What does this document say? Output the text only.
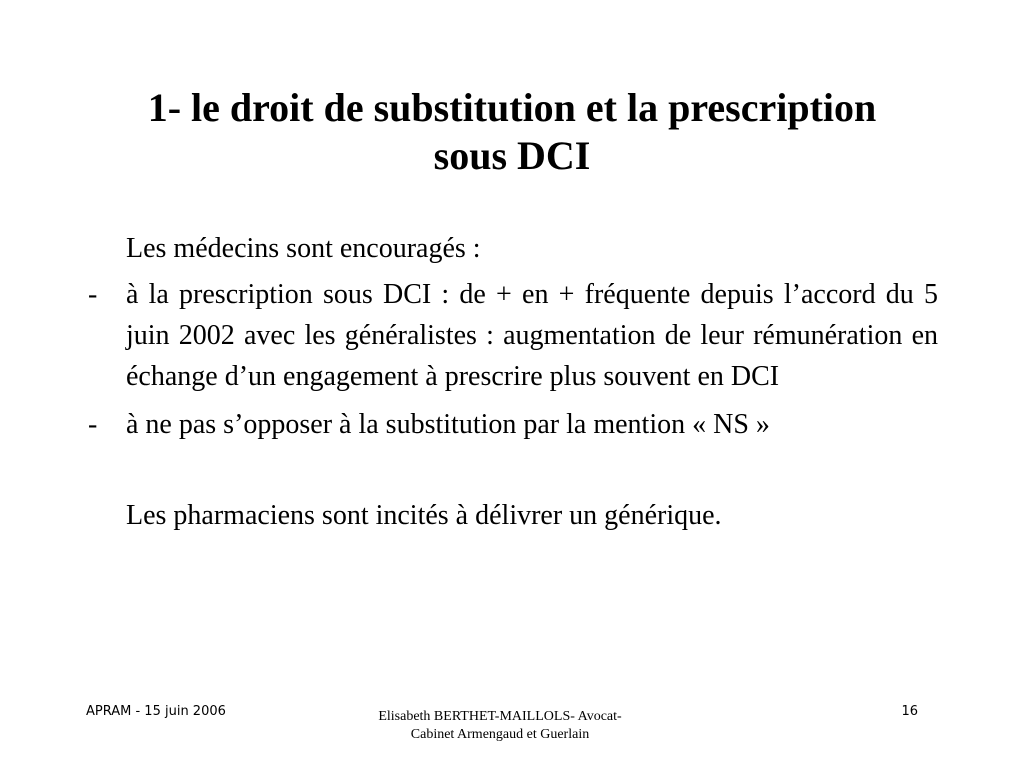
1- le droit de substitution et la prescription
sous DCI
Les médecins sont encouragés :
-	à la prescription sous DCI : de + en + fréquente depuis l’accord du 5 juin 2002 avec les généralistes : augmentation de leur rémunération en échange d’un engagement à prescrire plus souvent en DCI
-	à ne pas s’opposer à la substitution par la mention « NS »
Les pharmaciens sont incités à délivrer un générique.
APRAM - 15 juin 2006	Elisabeth BERTHET-MAILLOLS- Avocat-
Cabinet Armengaud et Guerlain
16
